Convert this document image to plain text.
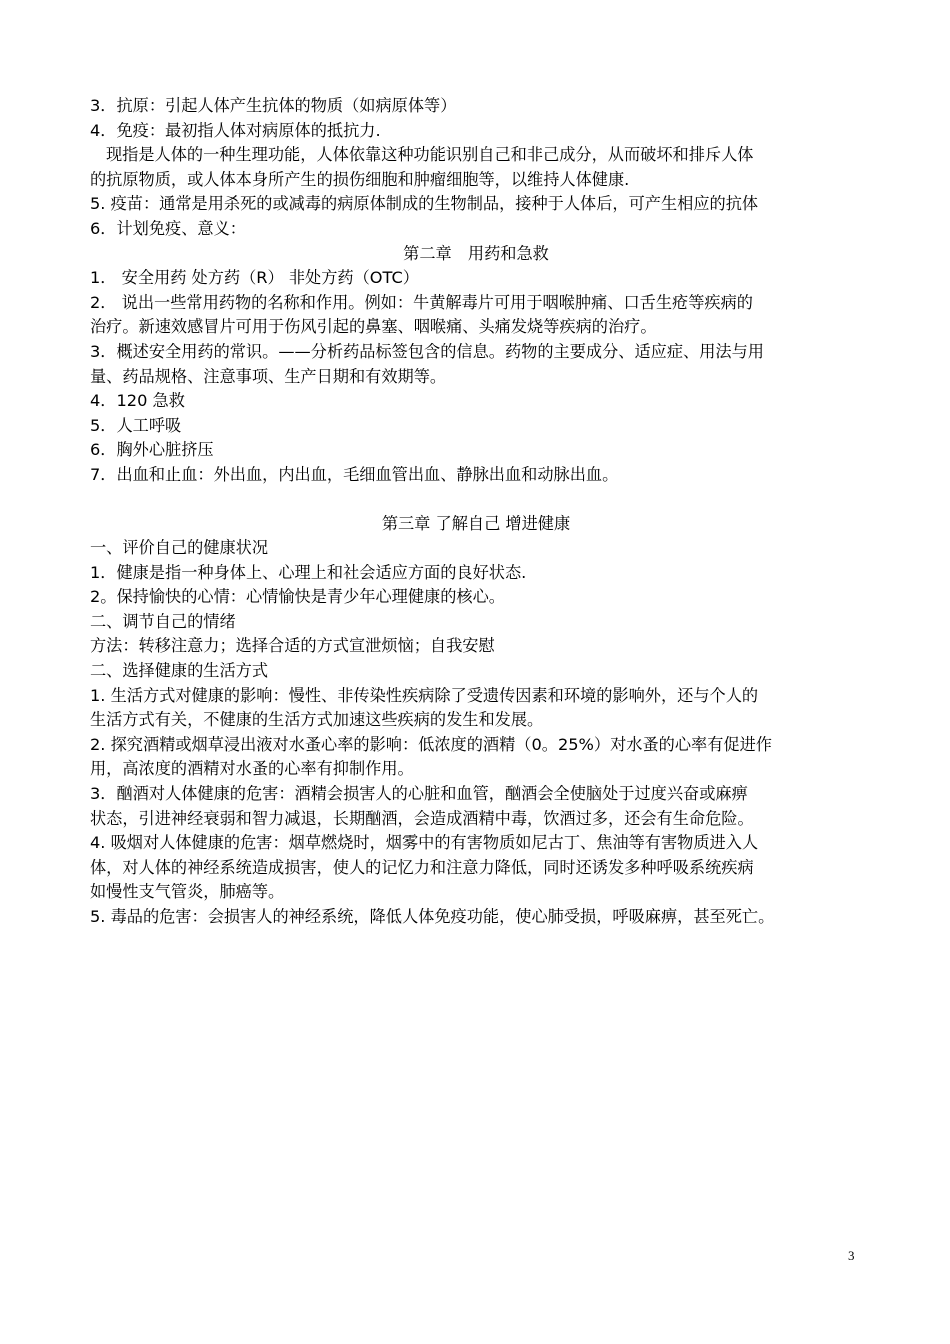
3．抗原：引起人体产生抗体的物质（如病原体等）

4．免疫：最初指人体对病原体的抵抗力.

现指是人体的一种生理功能，人体依靠这种功能识别自己和非己成分，从而破坏和排斥人体

的抗原物质，或人体本身所产生的损伤细胞和肿瘤细胞等，以维持人体健康.

5. 疫苗：通常是用杀死的或减毒的病原体制成的生物制品，接种于人体后，可产生相应的抗体

6．计划免疫、意义：

第二章　用药和急救

1． 安全用药 处方药（R） 非处方药（OTC）

2． 说出一些常用药物的名称和作用。例如：牛黄解毒片可用于咽喉肿痛、口舌生疮等疾病的

治疗。新速效感冒片可用于伤风引起的鼻塞、咽喉痛、头痛发烧等疾病的治疗。

3．概述安全用药的常识。——分析药品标签包含的信息。药物的主要成分、适应症、用法与用

量、药品规格、注意事项、生产日期和有效期等。

4．120 急救

5．人工呼吸

6．胸外心脏挤压

7．出血和止血：外出血，内出血，毛细血管出血、静脉出血和动脉出血。

第三章 了解自己 增进健康

一、评价自己的健康状况

1．健康是指一种身体上、心理上和社会适应方面的良好状态.

2。保持愉快的心情：心情愉快是青少年心理健康的核心。

二、调节自己的情绪

方法：转移注意力；选择合适的方式宣泄烦恼；自我安慰

二、选择健康的生活方式

1. 生活方式对健康的影响：慢性、非传染性疾病除了受遗传因素和环境的影响外，还与个人的

生活方式有关，不健康的生活方式加速这些疾病的发生和发展。

2. 探究酒精或烟草浸出液对水蚤心率的影响：低浓度的酒精（0。25%）对水蚤的心率有促进作

用，高浓度的酒精对水蚤的心率有抑制作用。

3．酗酒对人体健康的危害：酒精会损害人的心脏和血管，酗酒会全使脑处于过度兴奋或麻痹

状态，引进神经衰弱和智力减退，长期酗酒，会造成酒精中毒，饮酒过多，还会有生命危险。

4. 吸烟对人体健康的危害：烟草燃烧时，烟雾中的有害物质如尼古丁、焦油等有害物质进入人

体，对人体的神经系统造成损害，使人的记忆力和注意力降低，同时还诱发多种呼吸系统疾病

如慢性支气管炎，肺癌等。

5. 毒品的危害：会损害人的神经系统，降低人体免疫功能，使心肺受损，呼吸麻痹，甚至死亡。

3
